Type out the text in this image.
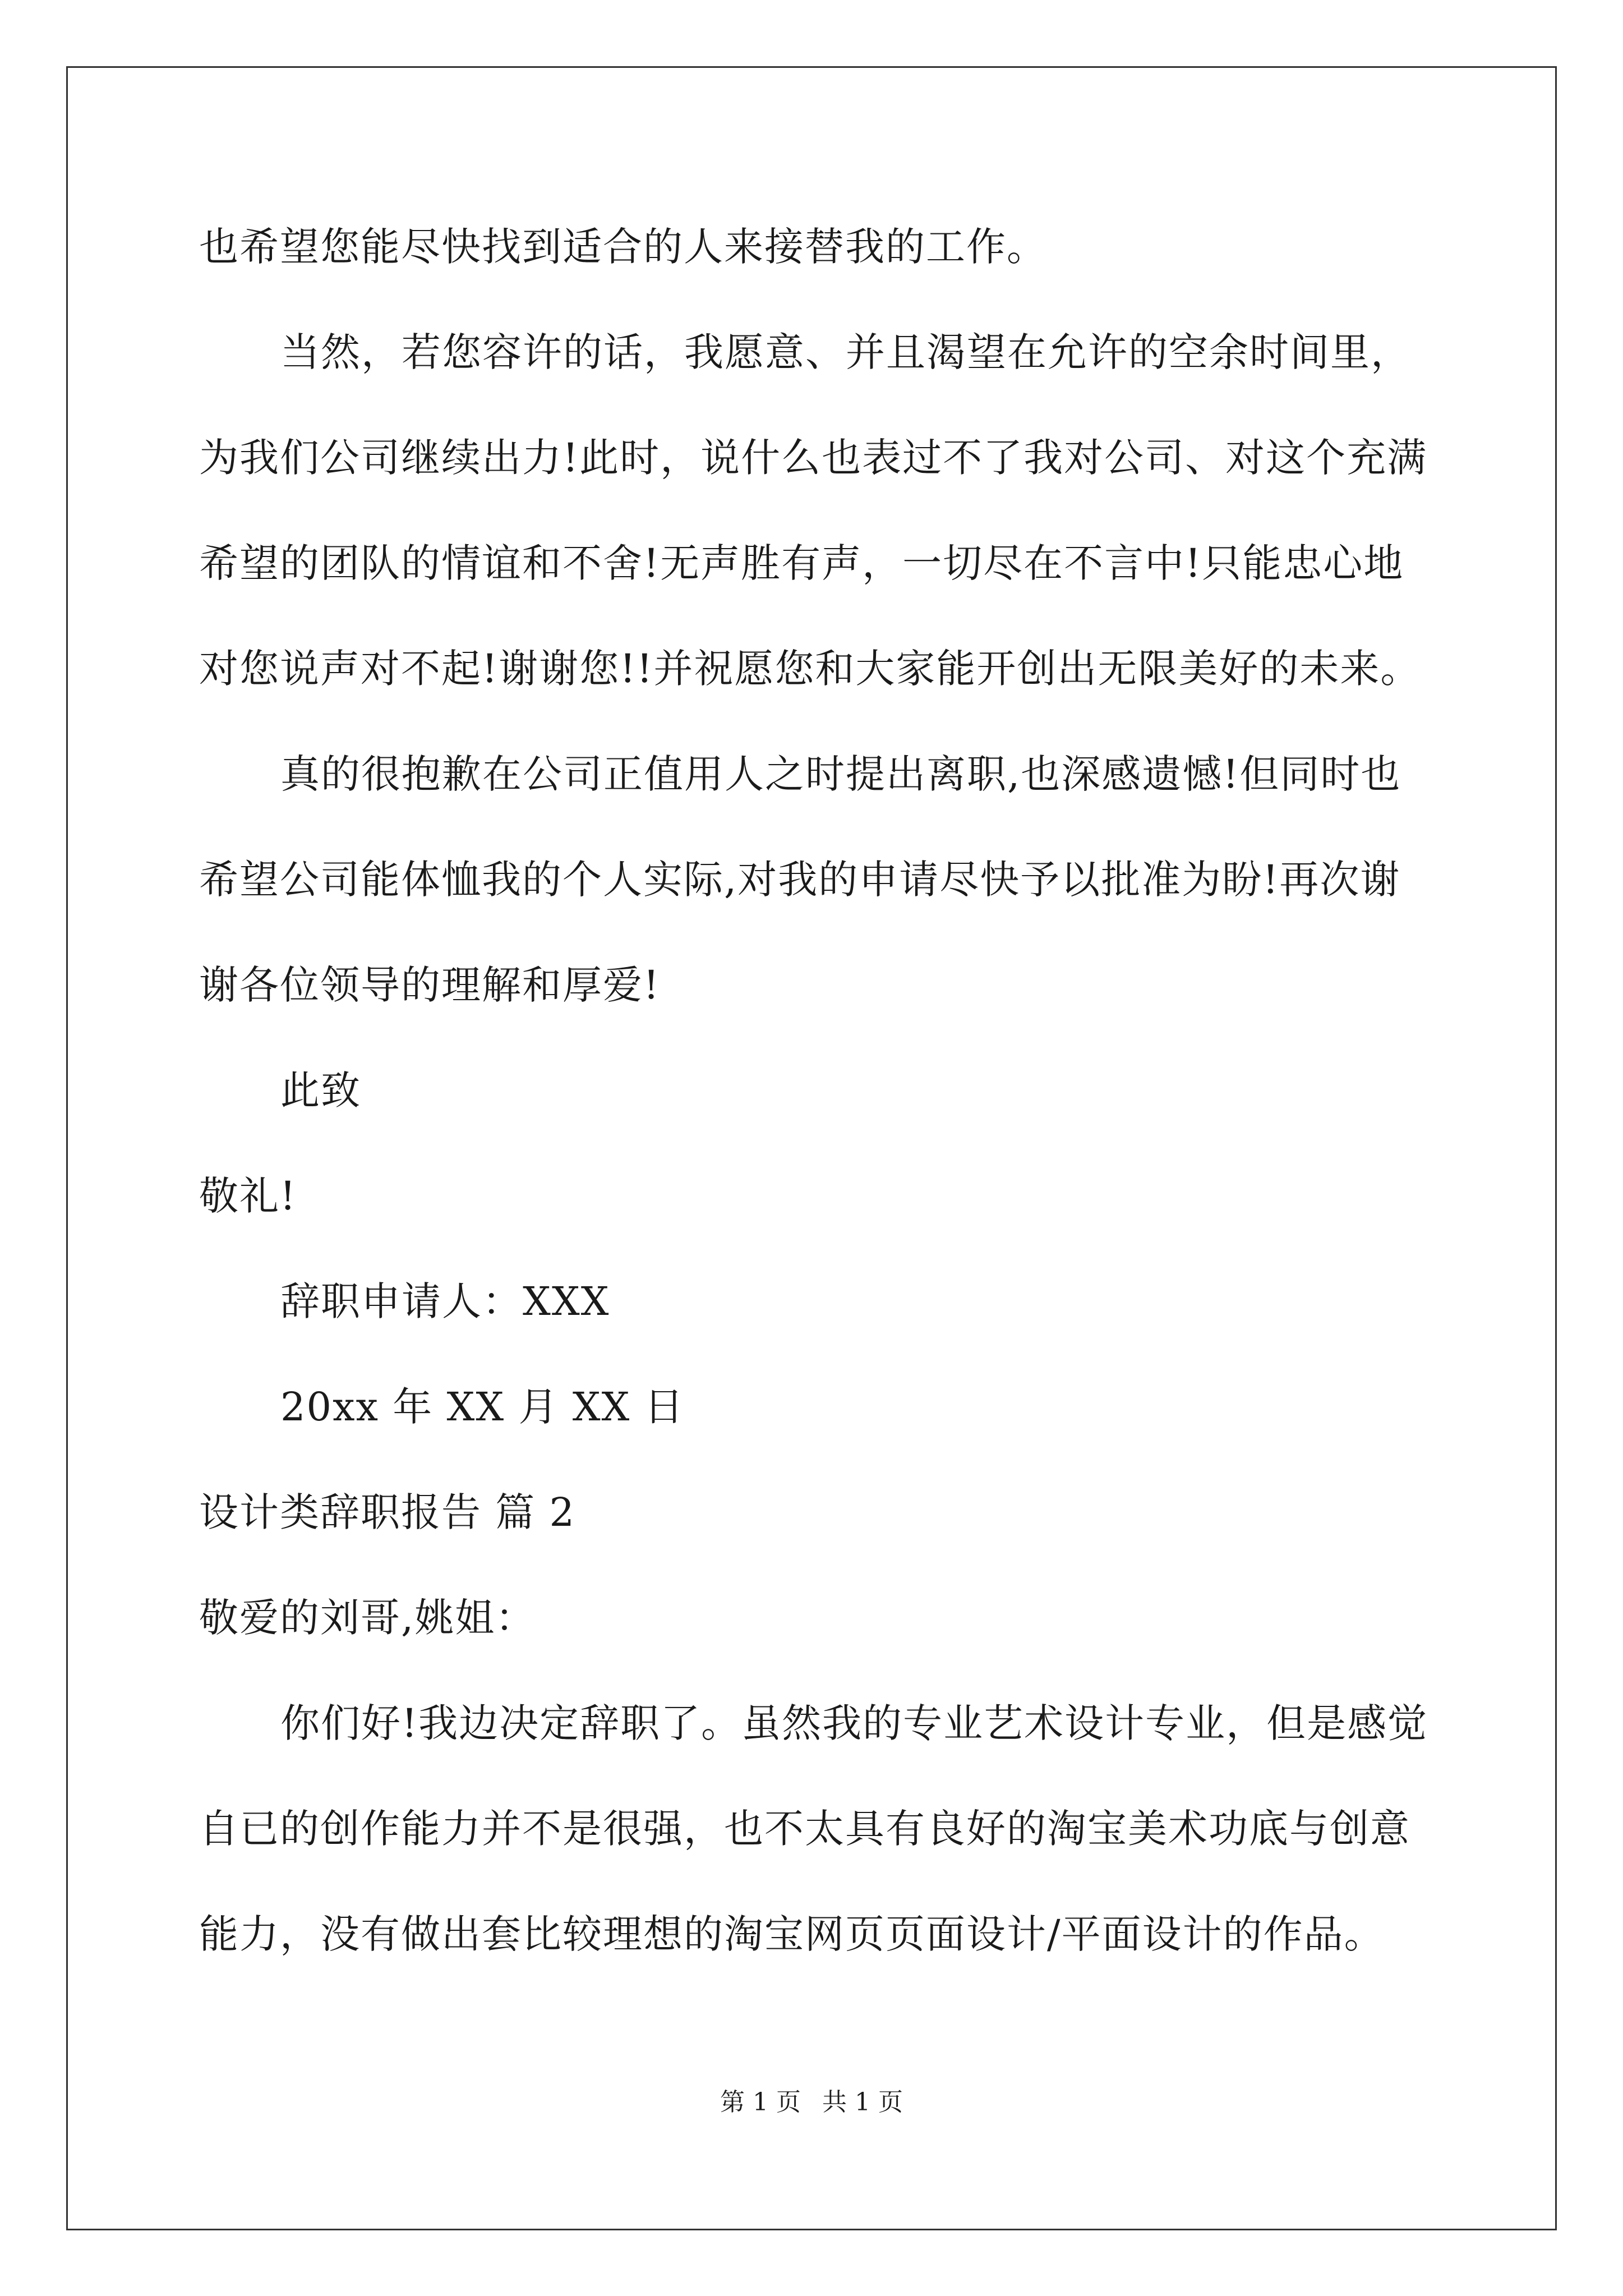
也希望您能尽快找到适合的人来接替我的工作。
当然，若您容许的话，我愿意、并且渴望在允许的空余时间里，
为我们公司继续出力!此时，说什么也表过不了我对公司、对这个充满
希望的团队的情谊和不舍!无声胜有声，一切尽在不言中!只能忠心地
对您说声对不起!谢谢您!!并祝愿您和大家能开创出无限美好的未来。
真的很抱歉在公司正值用人之时提出离职,也深感遗憾!但同时也
希望公司能体恤我的个人实际,对我的申请尽快予以批准为盼!再次谢
谢各位领导的理解和厚爱!
此致
敬礼!
辞职申请人：XXX
20xx 年 XX 月 XX 日
设计类辞职报告 篇 2
敬爱的刘哥,姚姐：
你们好!我边决定辞职了。虽然我的专业艺术设计专业，但是感觉
自已的创作能力并不是很强，也不太具有良好的淘宝美术功底与创意
能力，没有做出套比较理想的淘宝网页页面设计/平面设计的作品。
第 1 页 共 1 页
